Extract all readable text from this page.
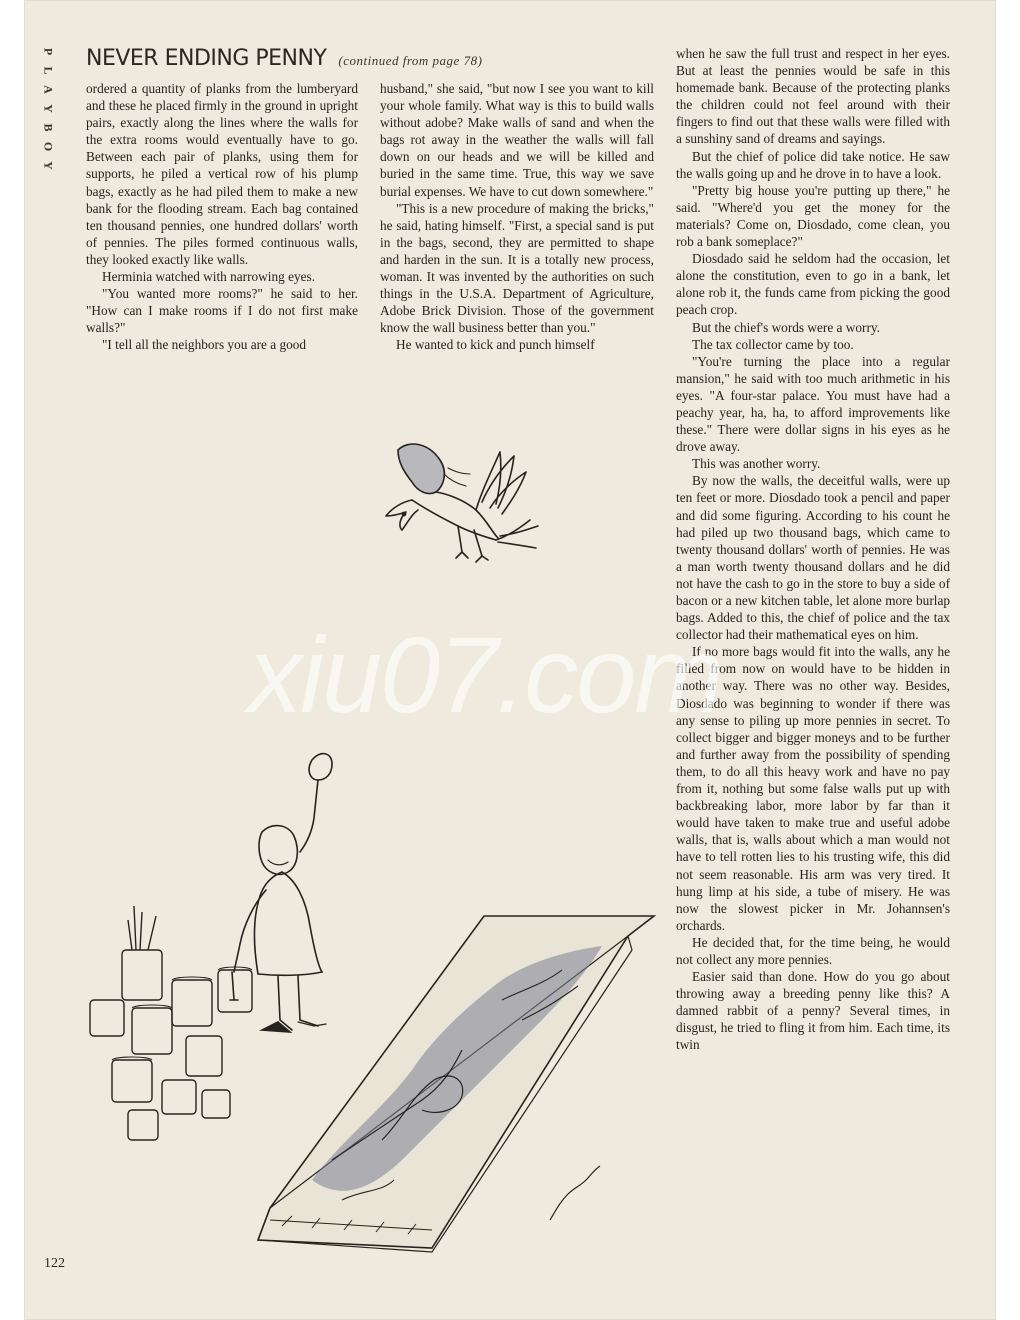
P
L
A
Y
B
O
Y
NEVER ENDING PENNY (continued from page 78)

ordered a quantity of planks from the lumberyard and these he placed firmly in the ground in upright pairs, exactly along the lines where the walls for the extra rooms would eventually have to go. Between each pair of planks, using them for supports, he piled a vertical row of his plump bags, exactly as he had piled them to make a new bank for the flooding stream. Each bag contained ten thousand pennies, one hundred dollars' worth of pennies. The piles formed continuous walls, they looked exactly like walls.

Herminia watched with narrowing eyes.

"You wanted more rooms?" he said to her. "How can I make rooms if I do not first make walls?"

"I tell all the neighbors you are a good

husband," she said, "but now I see you want to kill your whole family. What way is this to build walls without adobe? Make walls of sand and when the bags rot away in the weather the walls will fall down on our heads and we will be killed and buried in the same time. True, this way we save burial expenses. We have to cut down somewhere."

"This is a new procedure of making the bricks," he said, hating himself. "First, a special sand is put in the bags, second, they are permitted to shape and harden in the sun. It is a totally new process, woman. It was invented by the authorities on such things in the U.S.A. Department of Agriculture, Adobe Brick Division. Those of the government know the wall business better than you."

He wanted to kick and punch himself

when he saw the full trust and respect in her eyes. But at least the pennies would be safe in this homemade bank. Because of the protecting planks the children could not feel around with their fingers to find out that these walls were filled with a sunshiny sand of dreams and sayings.

But the chief of police did take notice. He saw the walls going up and he drove in to have a look.

"Pretty big house you're putting up there," he said. "Where'd you get the money for the materials? Come on, Diosdado, come clean, you rob a bank someplace?"

Diosdado said he seldom had the occasion, let alone the constitution, even to go in a bank, let alone rob it, the funds came from picking the good peach crop.

But the chief's words were a worry.

The tax collector came by too.

"You're turning the place into a regular mansion," he said with too much arithmetic in his eyes. "A four-star palace. You must have had a peachy year, ha, ha, to afford improvements like these." There were dollar signs in his eyes as he drove away.

This was another worry.

By now the walls, the deceitful walls, were up ten feet or more. Diosdado took a pencil and paper and did some figuring. According to his count he had piled up two thousand bags, which came to twenty thousand dollars' worth of pennies. He was a man worth twenty thousand dollars and he did not have the cash to go in the store to buy a side of bacon or a new kitchen table, let alone more burlap bags. Added to this, the chief of police and the tax collector had their mathematical eyes on him.

If no more bags would fit into the walls, any he filled from now on would have to be hidden in another way. There was no other way. Besides, Diosdado was beginning to wonder if there was any sense to piling up more pennies in secret. To collect bigger and bigger moneys and to be further and further away from the possibility of spending them, to do all this heavy work and have no pay from it, nothing but some false walls put up with backbreaking labor, more labor by far than it would have taken to make true and useful adobe walls, that is, walls about which a man would not have to tell rotten lies to his trusting wife, this did not seem reasonable. His arm was very tired. It hung limp at his side, a tube of misery. He was now the slowest picker in Mr. Johannsen's orchards.

He decided that, for the time being, he would not collect any more pennies.

Easier said than done. How do you go about throwing away a breeding penny like this? A damned rabbit of a penny? Several times, in disgust, he tried to fling it from him. Each time, its twin

xiu07.com
122
